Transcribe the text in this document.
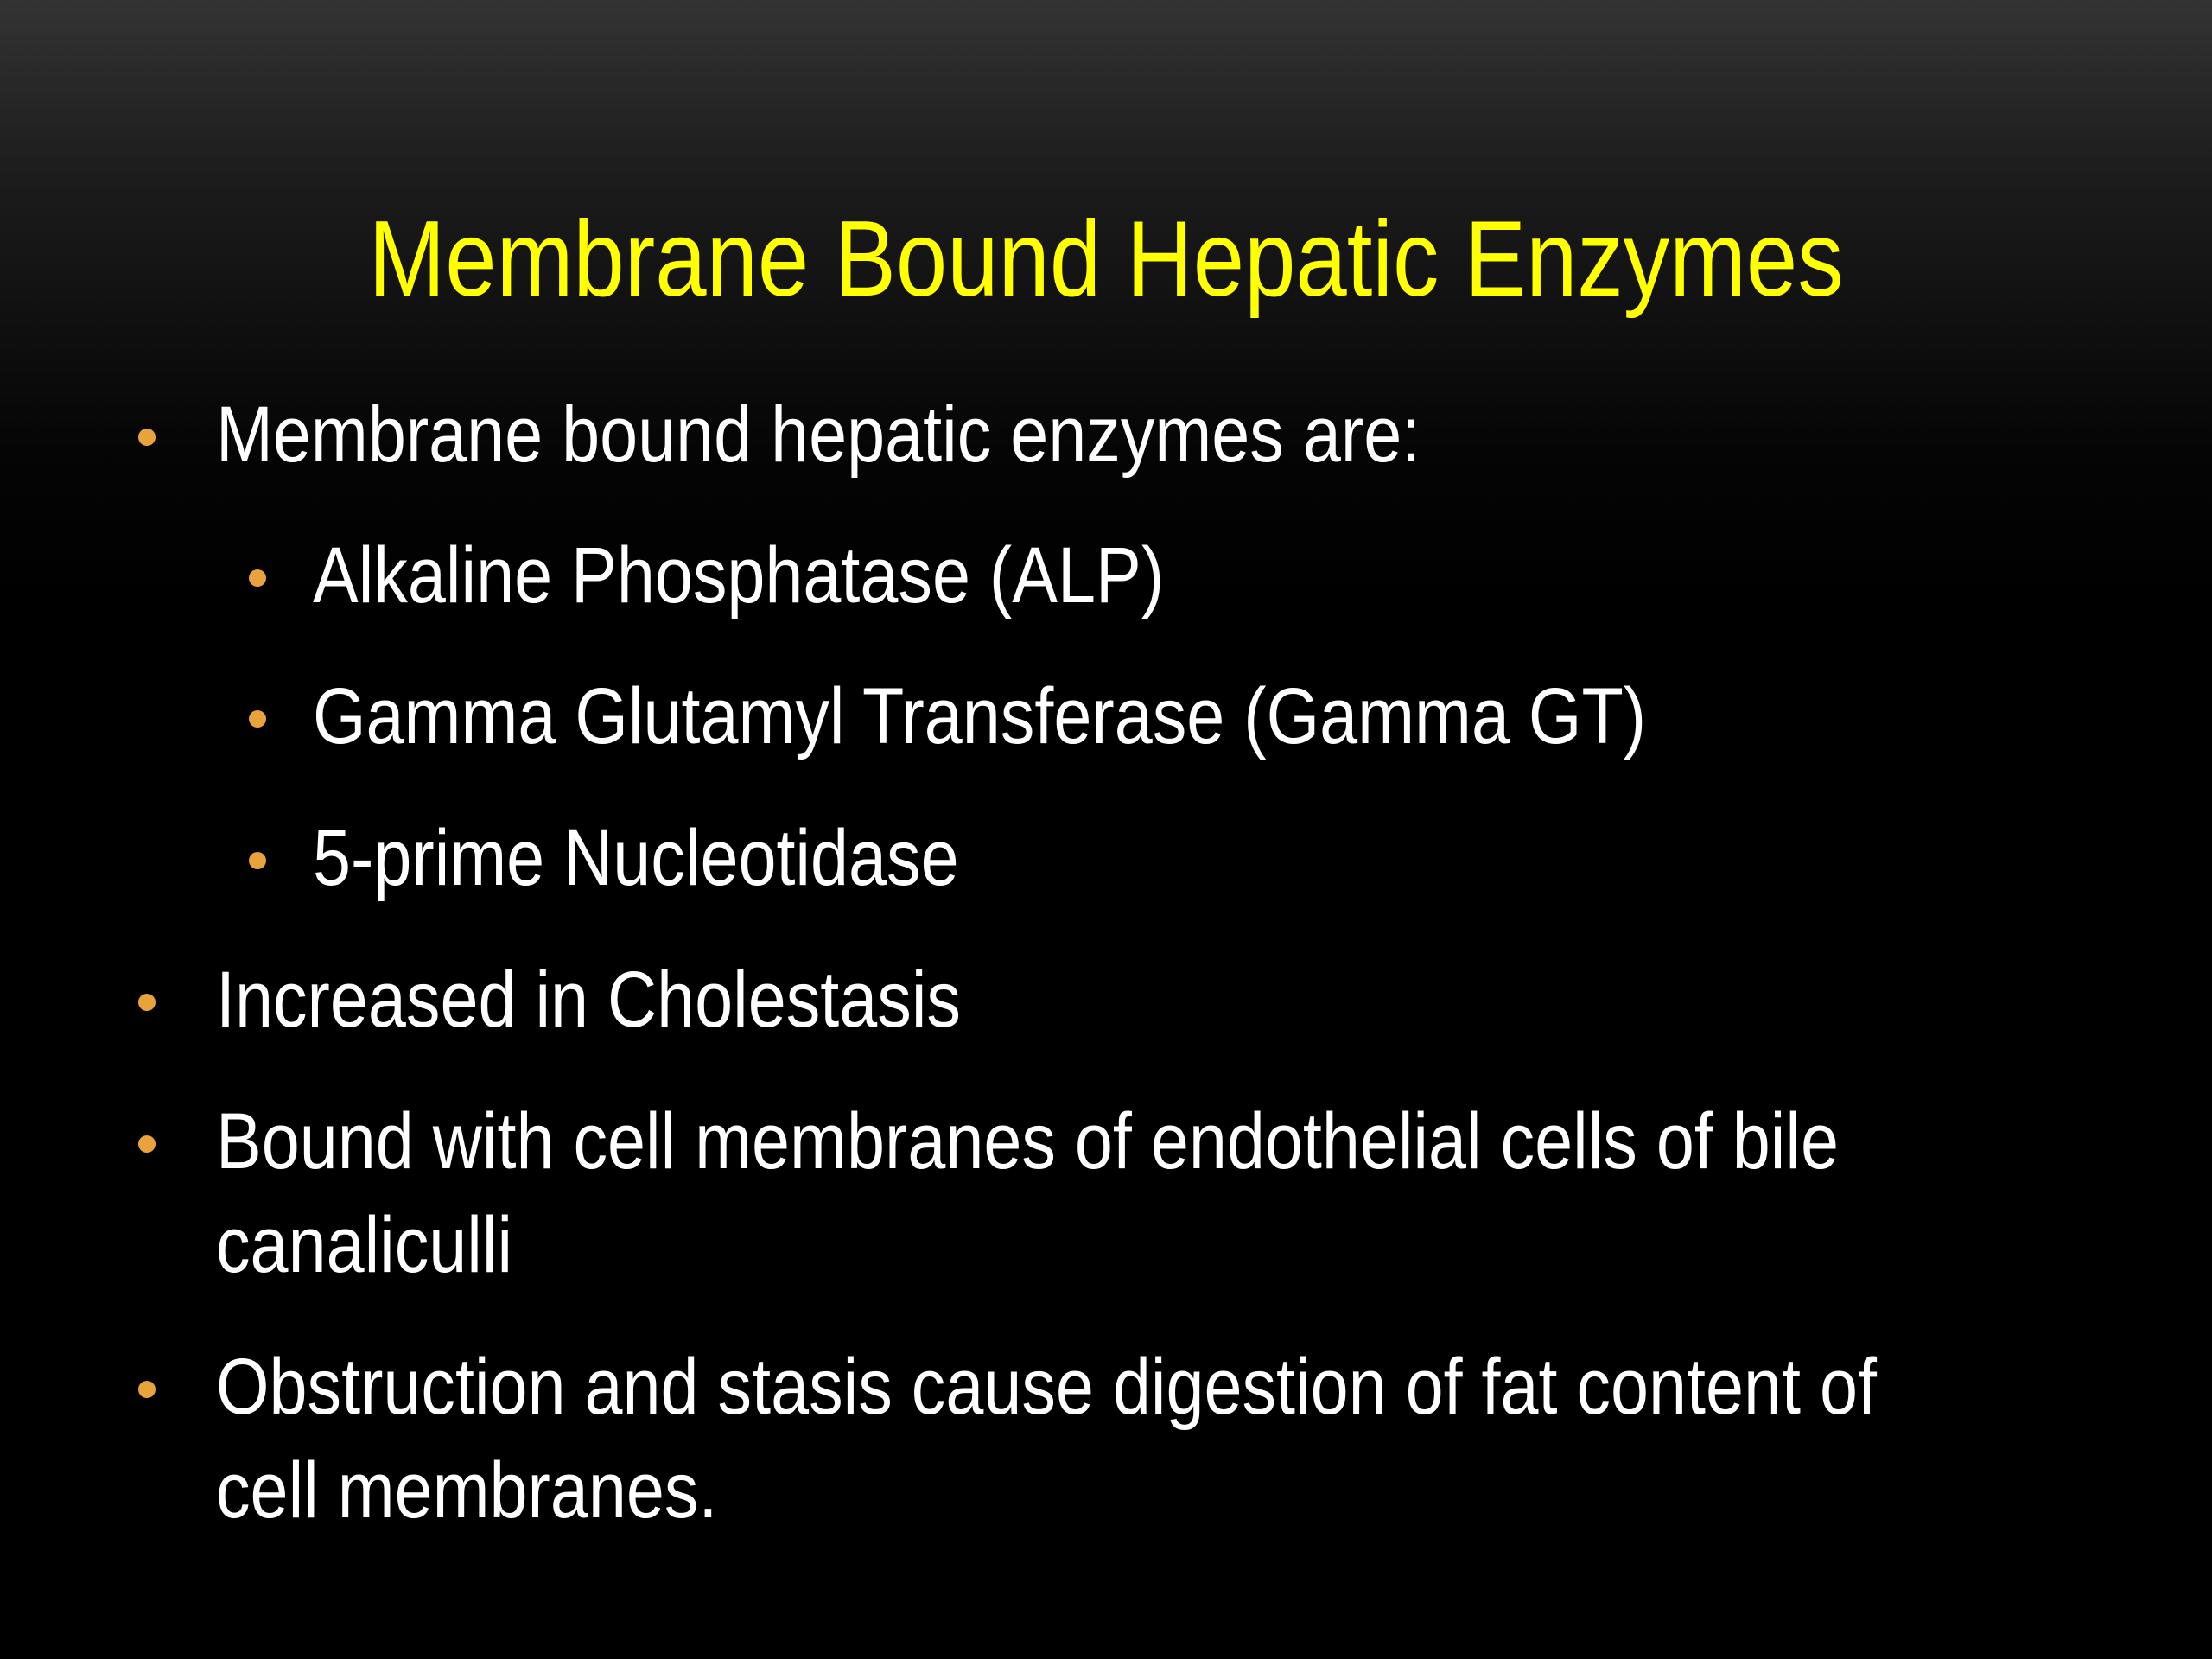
Membrane Bound Hepatic Enzymes
Membrane bound hepatic enzymes are:
Alkaline Phosphatase (ALP)
Gamma Glutamyl Transferase (Gamma GT)
5-prime Nucleotidase
Increased in Cholestasis
Bound with cell membranes of endothelial cells of bile
canaliculli
Obstruction and stasis cause digestion of fat content of
cell membranes.
